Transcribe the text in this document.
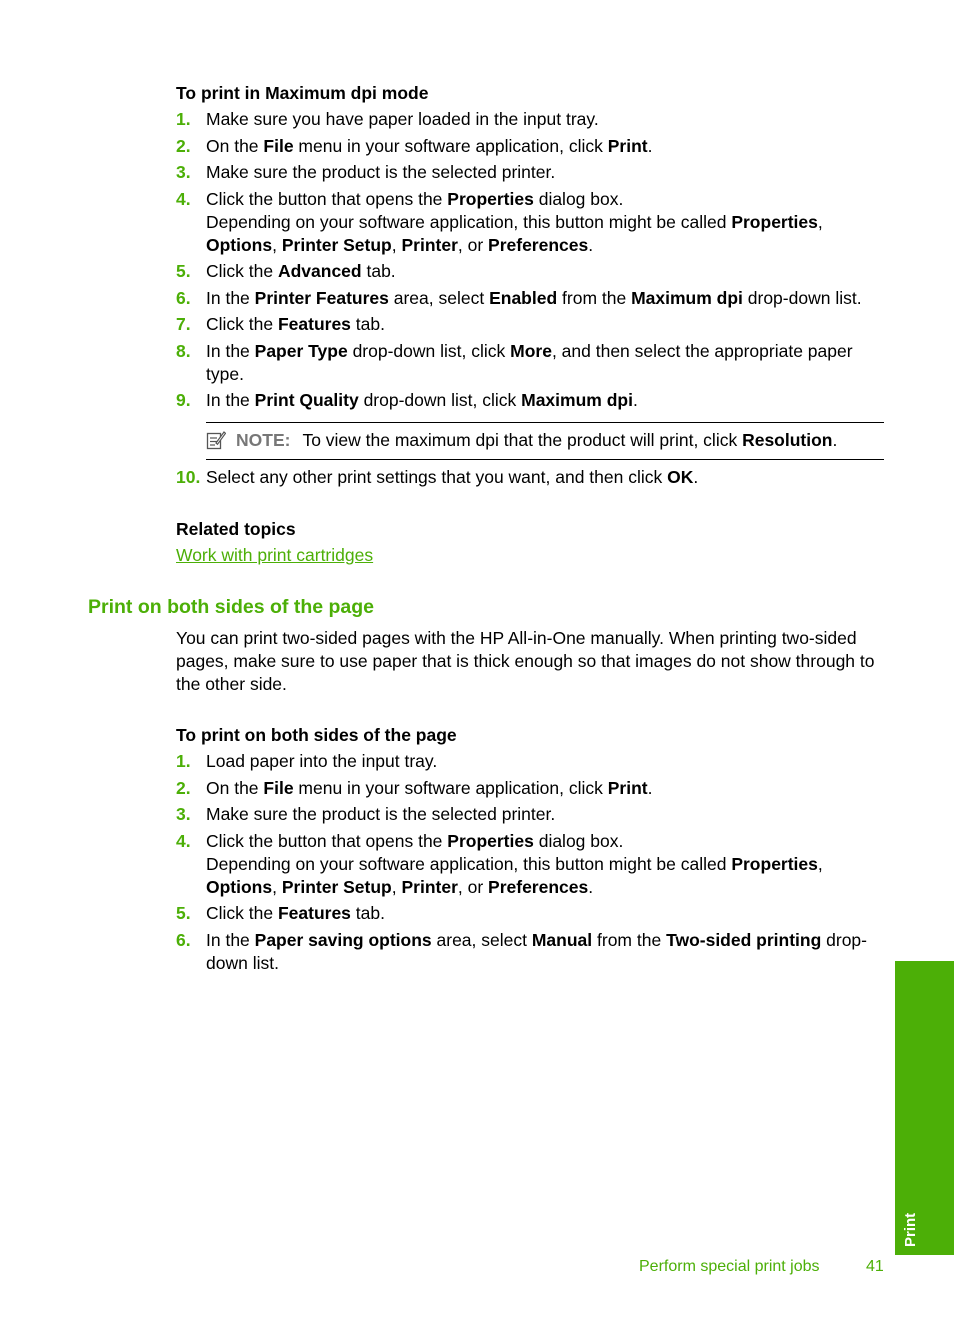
To print in Maximum dpi mode
1. Make sure you have paper loaded in the input tray.

2. On the File menu in your software application, click Print.

3. Make sure the product is the selected printer.

4. Click the button that opens the Properties dialog box.

Depending on your software application, this button might be called Properties, Options, Printer Setup, Printer, or Preferences.

5. Click the Advanced tab.

6. In the Printer Features area, select Enabled from the Maximum dpi drop-down list.

7. Click the Features tab.

8. In the Paper Type drop-down list, click More, and then select the appropriate paper type.

9. In the Print Quality drop-down list, click Maximum dpi.

NOTE: To view the maximum dpi that the product will print, click Resolution.
10. Select any other print settings that you want, and then click OK.

Related topics
Work with print cartridges
Print on both sides of the page

You can print two-sided pages with the HP All-in-One manually. When printing two-sided pages, make sure to use paper that is thick enough so that images do not show through to the other side.

To print on both sides of the page
1. Load paper into the input tray.

2. On the File menu in your software application, click Print.

3. Make sure the product is the selected printer.

4. Click the button that opens the Properties dialog box.

Depending on your software application, this button might be called Properties, Options, Printer Setup, Printer, or Preferences.

5. Click the Features tab.

6. In the Paper saving options area, select Manual from the Two-sided printing drop-down list.

Print
Perform special print jobs	41
